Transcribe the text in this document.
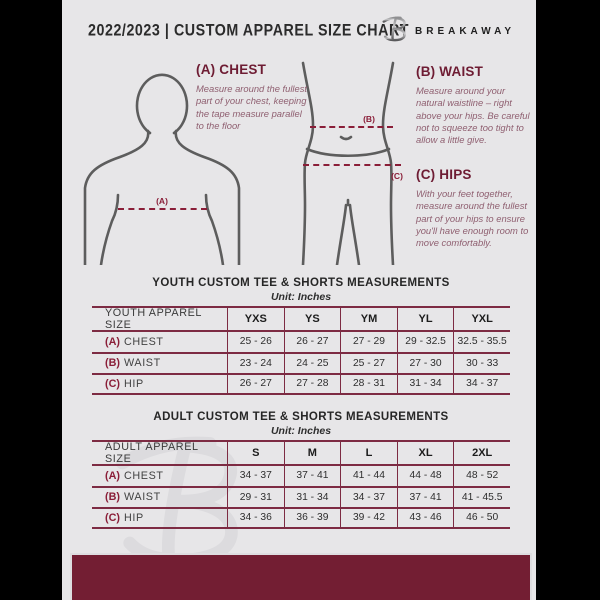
2022/2023 | CUSTOM APPAREL SIZE CHART BREAKAWAY
(A)
(B)
(C)
(A) CHEST
Measure around the fullest part of your chest, keeping the tape measure parallel to the floor
(B) WAIST
Measure around your natural waistline – right above your hips. Be careful not to squeeze too tight to allow a little give.
(C) HIPS
With your feet together, measure around the fullest part of your hips to ensure you'll have enough room to move comfortably.
YOUTH CUSTOM TEE & SHORTS MEASUREMENTS
Unit: Inches
YOUTH APPAREL SIZE	YXS	YS	YM	YL	YXL
(A) CHEST	25 - 26	26 - 27	27 - 29	29 - 32.5	32.5 - 35.5
(B) WAIST	23 - 24	24 - 25	25 - 27	27 - 30	30 - 33
(C) HIP	26 - 27	27 - 28	28 - 31	31 - 34	34 - 37
ADULT CUSTOM TEE & SHORTS MEASUREMENTS
Unit: Inches
ADULT APPAREL SIZE	S	M	L	XL	2XL
(A) CHEST	34 - 37	37 - 41	41 - 44	44 - 48	48 - 52
(B) WAIST	29 - 31	31 - 34	34 - 37	37 - 41	41 - 45.5
(C) HIP	34 - 36	36 - 39	39 - 42	43 - 46	46 - 50
